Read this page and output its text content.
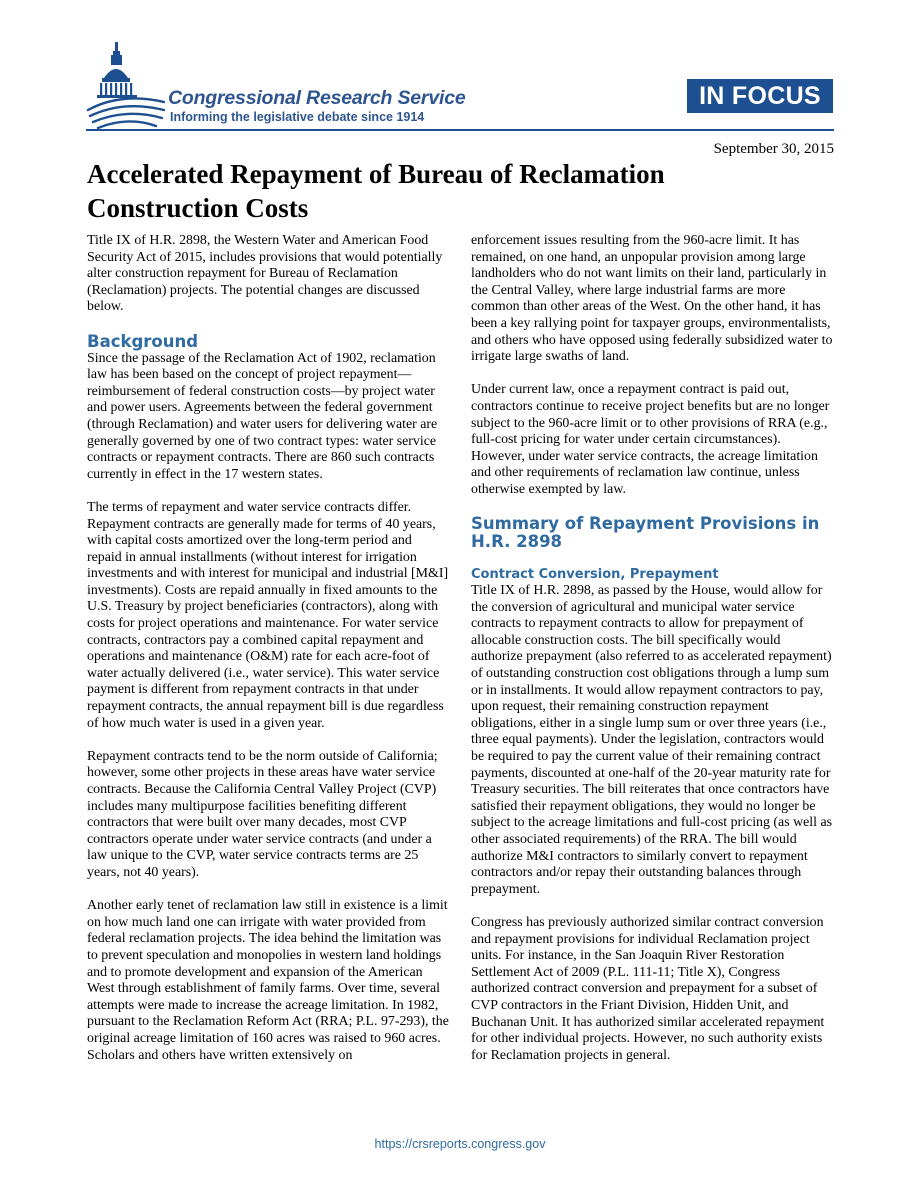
Congressional Research Service
Informing the legislative debate since 1914
IN FOCUS
September 30, 2015
Accelerated Repayment of Bureau of Reclamation Construction Costs

Title IX of H.R. 2898, the Western Water and American Food Security Act of 2015, includes provisions that would potentially alter construction repayment for Bureau of Reclamation (Reclamation) projects. The potential changes are discussed below.

Background

Since the passage of the Reclamation Act of 1902, reclamation law has been based on the concept of project repayment—reimbursement of federal construction costs—by project water and power users. Agreements between the federal government (through Reclamation) and water users for delivering water are generally governed by one of two contract types: water service contracts or repayment contracts. There are 860 such contracts currently in effect in the 17 western states.

The terms of repayment and water service contracts differ. Repayment contracts are generally made for terms of 40 years, with capital costs amortized over the long-term period and repaid in annual installments (without interest for irrigation investments and with interest for municipal and industrial [M&I] investments). Costs are repaid annually in fixed amounts to the U.S. Treasury by project beneficiaries (contractors), along with costs for project operations and maintenance. For water service contracts, contractors pay a combined capital repayment and operations and maintenance (O&M) rate for each acre-foot of water actually delivered (i.e., water service). This water service payment is different from repayment contracts in that under repayment contracts, the annual repayment bill is due regardless of how much water is used in a given year.

Repayment contracts tend to be the norm outside of California; however, some other projects in these areas have water service contracts. Because the California Central Valley Project (CVP) includes many multipurpose facilities benefiting different contractors that were built over many decades, most CVP contractors operate under water service contracts (and under a law unique to the CVP, water service contracts terms are 25 years, not 40 years).

Another early tenet of reclamation law still in existence is a limit on how much land one can irrigate with water provided from federal reclamation projects. The idea behind the limitation was to prevent speculation and monopolies in western land holdings and to promote development and expansion of the American West through establishment of family farms. Over time, several attempts were made to increase the acreage limitation. In 1982, pursuant to the Reclamation Reform Act (RRA; P.L. 97-293), the original acreage limitation of 160 acres was raised to 960 acres. Scholars and others have written extensively on

enforcement issues resulting from the 960-acre limit. It has remained, on one hand, an unpopular provision among large landholders who do not want limits on their land, particularly in the Central Valley, where large industrial farms are more common than other areas of the West. On the other hand, it has been a key rallying point for taxpayer groups, environmentalists, and others who have opposed using federally subsidized water to irrigate large swaths of land.

Under current law, once a repayment contract is paid out, contractors continue to receive project benefits but are no longer subject to the 960-acre limit or to other provisions of RRA (e.g., full-cost pricing for water under certain circumstances). However, under water service contracts, the acreage limitation and other requirements of reclamation law continue, unless otherwise exempted by law.

Summary of Repayment Provisions in H.R. 2898
Contract Conversion, Prepayment

Title IX of H.R. 2898, as passed by the House, would allow for the conversion of agricultural and municipal water service contracts to repayment contracts to allow for prepayment of allocable construction costs. The bill specifically would authorize prepayment (also referred to as accelerated repayment) of outstanding construction cost obligations through a lump sum or in installments. It would allow repayment contractors to pay, upon request, their remaining construction repayment obligations, either in a single lump sum or over three years (i.e., three equal payments). Under the legislation, contractors would be required to pay the current value of their remaining contract payments, discounted at one-half of the 20-year maturity rate for Treasury securities. The bill reiterates that once contractors have satisfied their repayment obligations, they would no longer be subject to the acreage limitations and full-cost pricing (as well as other associated requirements) of the RRA. The bill would authorize M&I contractors to similarly convert to repayment contractors and/or repay their outstanding balances through prepayment.

Congress has previously authorized similar contract conversion and repayment provisions for individual Reclamation project units. For instance, in the San Joaquin River Restoration Settlement Act of 2009 (P.L. 111-11; Title X), Congress authorized contract conversion and prepayment for a subset of CVP contractors in the Friant Division, Hidden Unit, and Buchanan Unit. It has authorized similar accelerated repayment for other individual projects. However, no such authority exists for Reclamation projects in general.

https://crsreports.congress.gov
